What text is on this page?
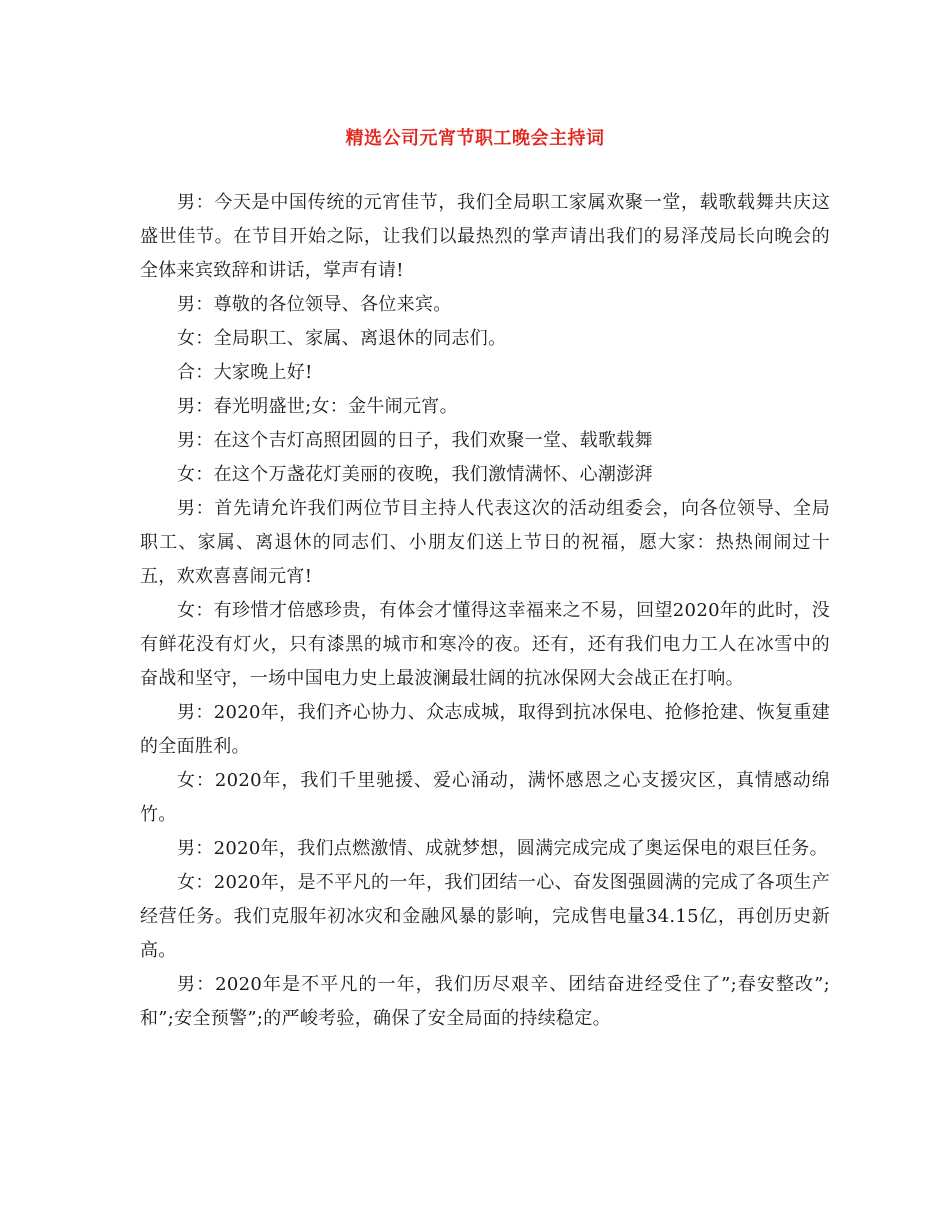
精选公司元宵节职工晚会主持词

男：今天是中国传统的元宵佳节，我们全局职工家属欢聚一堂，载歌载舞共庆这盛世佳节。在节目开始之际，让我们以最热烈的掌声请出我们的易泽茂局长向晚会的全体来宾致辞和讲话，掌声有请!

男：尊敬的各位领导、各位来宾。

女：全局职工、家属、离退休的同志们。

合：大家晚上好!

男：春光明盛世;女：金牛闹元宵。

男：在这个吉灯高照团圆的日子，我们欢聚一堂、载歌载舞

女：在这个万盏花灯美丽的夜晚，我们激情满怀、心潮澎湃

男：首先请允许我们两位节目主持人代表这次的活动组委会，向各位领导、全局职工、家属、离退休的同志们、小朋友们送上节日的祝福，愿大家：热热闹闹过十五，欢欢喜喜闹元宵!

女：有珍惜才倍感珍贵，有体会才懂得这幸福来之不易，回望2020年的此时，没有鲜花没有灯火，只有漆黑的城市和寒冷的夜。还有，还有我们电力工人在冰雪中的奋战和坚守，一场中国电力史上最波澜最壮阔的抗冰保网大会战正在打响。

男：2020年，我们齐心协力、众志成城，取得到抗冰保电、抢修抢建、恢复重建的全面胜利。

女：2020年，我们千里驰援、爱心涌动，满怀感恩之心支援灾区，真情感动绵竹。

男：2020年，我们点燃激情、成就梦想，圆满完成完成了奥运保电的艰巨任务。

女：2020年，是不平凡的一年，我们团结一心、奋发图强圆满的完成了各项生产经营任务。我们克服年初冰灾和金融风暴的影响，完成售电量34.15亿，再创历史新高。

男：2020年是不平凡的一年，我们历尽艰辛、团结奋进经受住了”;春安整改”;和”;安全预警”;的严峻考验，确保了安全局面的持续稳定。
